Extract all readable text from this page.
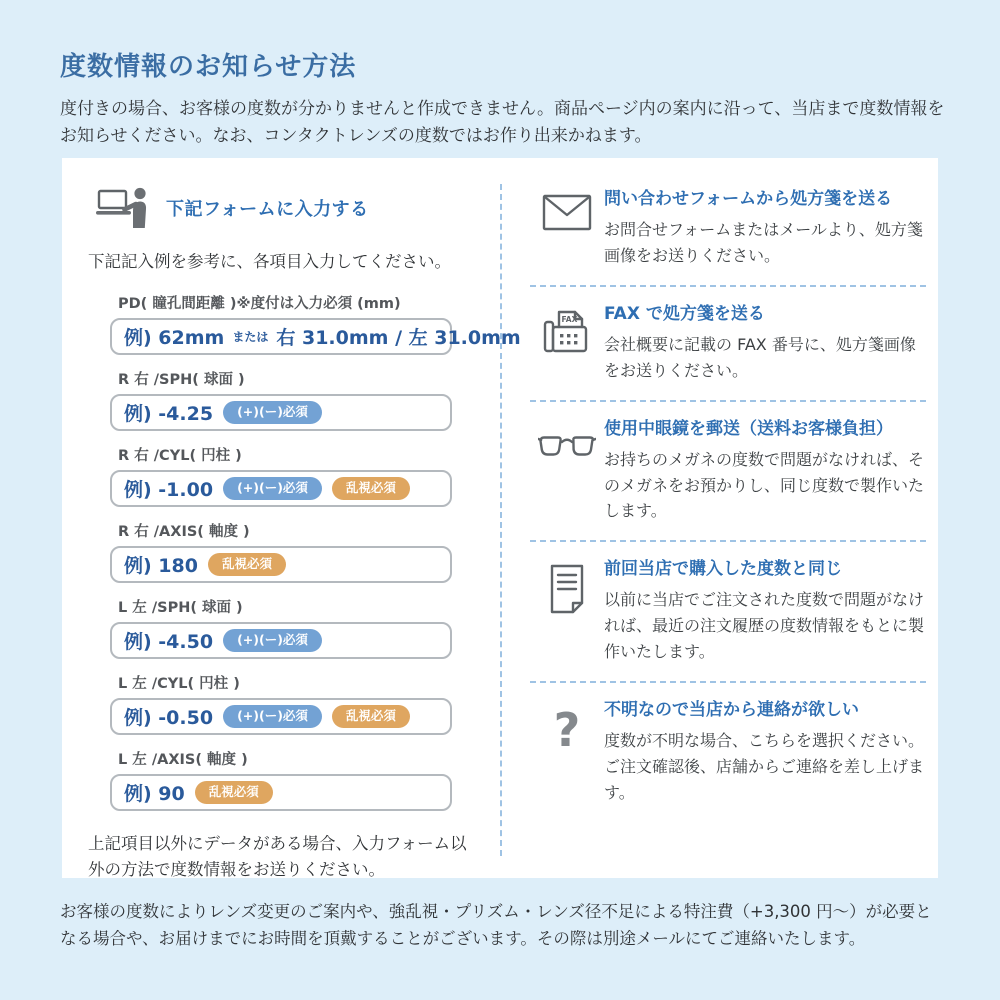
度数情報のお知らせ方法

度付きの場合、お客様の度数が分かりませんと作成できません。商品ページ内の案内に沿って、当店まで度数情報をお知らせください。なお、コンタクトレンズの度数ではお作り出来かねます。

下記フォームに入力する

下記記入例を参考に、各項目入力してください。

PD( 瞳孔間距離 )※度付は入力必須 (mm)
例) 62mm または 右 31.0mm / 左 31.0mm
R 右 /SPH( 球面 )
例) -4.25	(+)(ー)必須
R 右 /CYL( 円柱 )
例) -1.00	(+)(ー)必須	乱視必須
R 右 /AXIS( 軸度 )
例) 180	乱視必須
L 左 /SPH( 球面 )
例) -4.50	(+)(ー)必須
L 左 /CYL( 円柱 )
例) -0.50	(+)(ー)必須	乱視必須
L 左 /AXIS( 軸度 )
例) 90	乱視必須

上記項目以外にデータがある場合、入力フォーム以外の方法で度数情報をお送りください。

問い合わせフォームから処方箋を送る

お問合せフォームまたはメールより、処方箋画像をお送りください。

FAX FAX で処方箋を送る

会社概要に記載の FAX 番号に、処方箋画像をお送りください。

使用中眼鏡を郵送（送料お客様負担）

お持ちのメガネの度数で問題がなければ、そのメガネをお預かりし、同じ度数で製作いたします。

前回当店で購入した度数と同じ

以前に当店でご注文された度数で問題がなければ、最近の注文履歴の度数情報をもとに製作いたします。

? 不明なので当店から連絡が欲しい

度数が不明な場合、こちらを選択ください。ご注文確認後、店舗からご連絡を差し上げます。

お客様の度数によりレンズ変更のご案内や、強乱視・プリズム・レンズ径不足による特注費（+3,300 円〜）が必要となる場合や、お届けまでにお時間を頂戴することがございます。その際は別途メールにてご連絡いたします。
